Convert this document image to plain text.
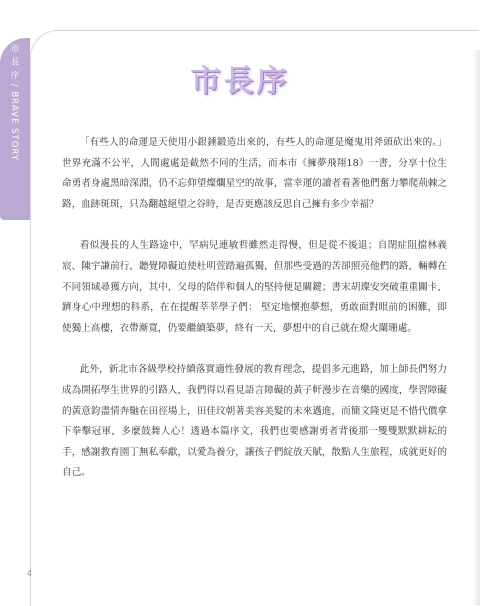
市 長 序 / BRAVE STORY	市長序

「有些人的命運是天使用小銀錘鍛造出來的，有些人的命運是魔鬼用斧頭砍出來的。」世界充滿不公平，人間處處是截然不同的生活，而本市《擁夢飛翔18》一書，分享十位生命勇者身處黑暗深淵，仍不忘仰望燦爛星空的故事，當幸運的讀者看著他們奮力攀爬荊棘之路，血跡斑斑，只為翻越絕望之谷時，是否更應該反思自己擁有多少幸福？

看似漫長的人生路途中，罕病兒連敏哲雖然走得慢，但是從不後退；自閉症阻擋林義宸、陳宇謙前行，聽覺障礙迫使杜明萱踏遍孤獨，但那些受過的苦卻照亮他們的路，輛轉在不同領域尋獲方向，其中，父母的陪伴和個人的堅持便是關鍵；書末胡璨安突破重重關卡，躋身心中理想的科系，在在提醒莘莘學子們： 堅定地懷抱夢想，勇敢面對眼前的困難，即使獨上高樓，衣帶漸寬，仍要繼續築夢，終有一天，夢想中的自己就在燈火闌珊處。

此外，新北市各級學校持續落實適性發展的教育理念，提倡多元進路，加上師長們努力成為開拓學生世界的引路人，我們得以看見語言障礙的黃子軒漫步在音樂的國度，學習障礙的黃意鈞盡情奔馳在田徑場上，田佳玟朝著美容美髮的未來邁進，而簡文隆更是不惜代價拿下拳擊冠軍，多麼鼓舞人心！透過本篇序文，我們也要感謝勇者背後那一雙雙默默耕耘的手，感謝教育園丁無私奉獻，以愛為養分，讓孩子們綻放天賦，散點人生旅程，成就更好的自己。

4
